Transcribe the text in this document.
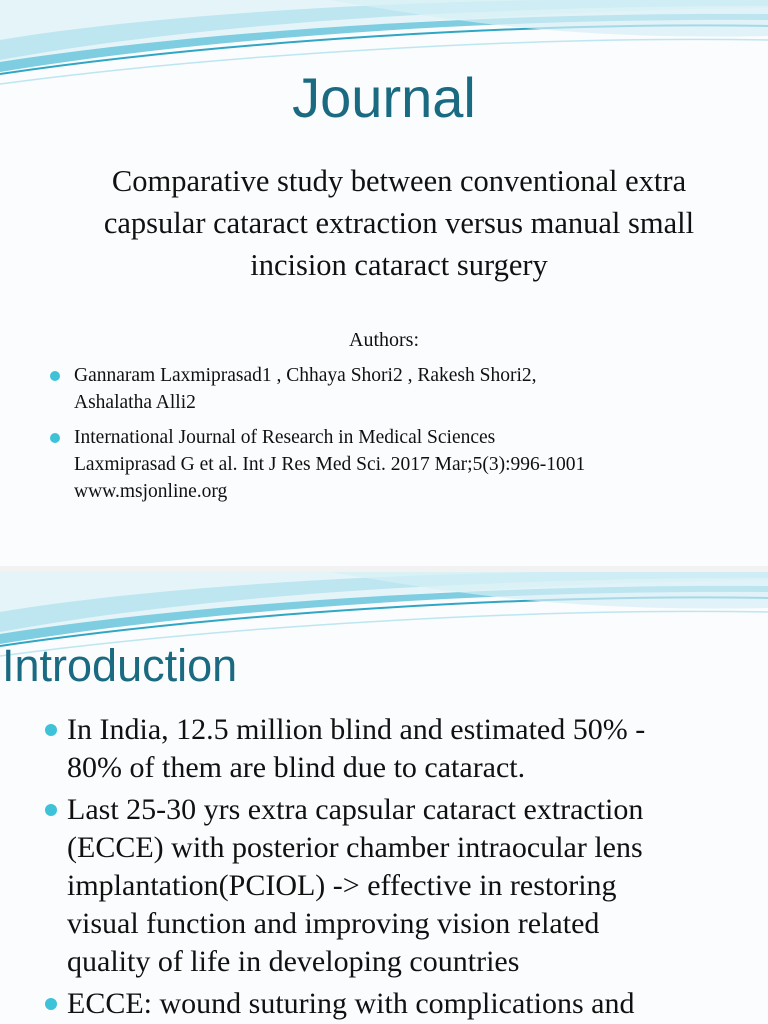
Journal
Comparative study between conventional extra capsular cataract extraction versus manual small incision cataract surgery
Authors:
Gannaram Laxmiprasad1 , Chhaya Shori2 , Rakesh Shori2,
Ashalatha Alli2
International Journal of Research in Medical Sciences
Laxmiprasad G et al. Int J Res Med Sci. 2017 Mar;5(3):996-1001
www.msjonline.org
Introduction
In India, 12.5 million blind and estimated 50% -
80% of them are blind due to cataract.
Last 25-30 yrs extra capsular cataract extraction
(ECCE) with posterior chamber intraocular lens
implantation(PCIOL) -> effective in restoring
visual function and improving vision related
quality of life in developing countries
ECCE: wound suturing with complications and
